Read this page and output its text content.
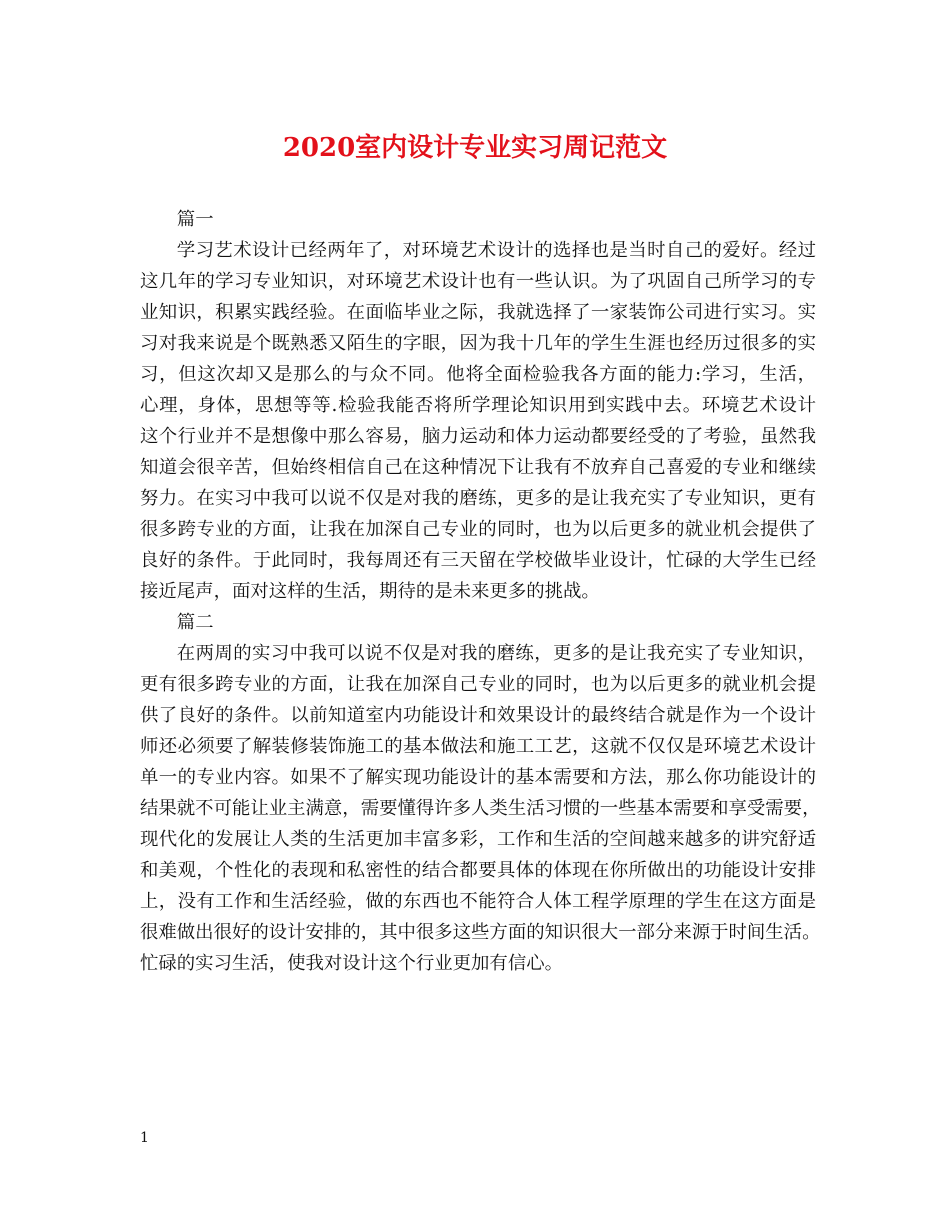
2020室内设计专业实习周记范文
篇一
学习艺术设计已经两年了，对环境艺术设计的选择也是当时自己的爱好。经过
这几年的学习专业知识，对环境艺术设计也有一些认识。为了巩固自己所学习的专
业知识，积累实践经验。在面临毕业之际，我就选择了一家装饰公司进行实习。实
习对我来说是个既熟悉又陌生的字眼，因为我十几年的学生生涯也经历过很多的实
习，但这次却又是那么的与众不同。他将全面检验我各方面的能力:学习，生活，
心理，身体，思想等等.检验我能否将所学理论知识用到实践中去。环境艺术设计
这个行业并不是想像中那么容易，脑力运动和体力运动都要经受的了考验，虽然我
知道会很辛苦，但始终相信自己在这种情况下让我有不放弃自己喜爱的专业和继续
努力。在实习中我可以说不仅是对我的磨练，更多的是让我充实了专业知识，更有
很多跨专业的方面，让我在加深自己专业的同时，也为以后更多的就业机会提供了
良好的条件。于此同时，我每周还有三天留在学校做毕业设计，忙碌的大学生已经
接近尾声，面对这样的生活，期待的是未来更多的挑战。
篇二
在两周的实习中我可以说不仅是对我的磨练，更多的是让我充实了专业知识，
更有很多跨专业的方面，让我在加深自己专业的同时，也为以后更多的就业机会提
供了良好的条件。以前知道室内功能设计和效果设计的最终结合就是作为一个设计
师还必须要了解装修装饰施工的基本做法和施工工艺，这就不仅仅是环境艺术设计
单一的专业内容。如果不了解实现功能设计的基本需要和方法，那么你功能设计的
结果就不可能让业主满意，需要懂得许多人类生活习惯的一些基本需要和享受需要，
现代化的发展让人类的生活更加丰富多彩，工作和生活的空间越来越多的讲究舒适
和美观，个性化的表现和私密性的结合都要具体的体现在你所做出的功能设计安排
上，没有工作和生活经验，做的东西也不能符合人体工程学原理的学生在这方面是
很难做出很好的设计安排的，其中很多这些方面的知识很大一部分来源于时间生活。
忙碌的实习生活，使我对设计这个行业更加有信心。
1
